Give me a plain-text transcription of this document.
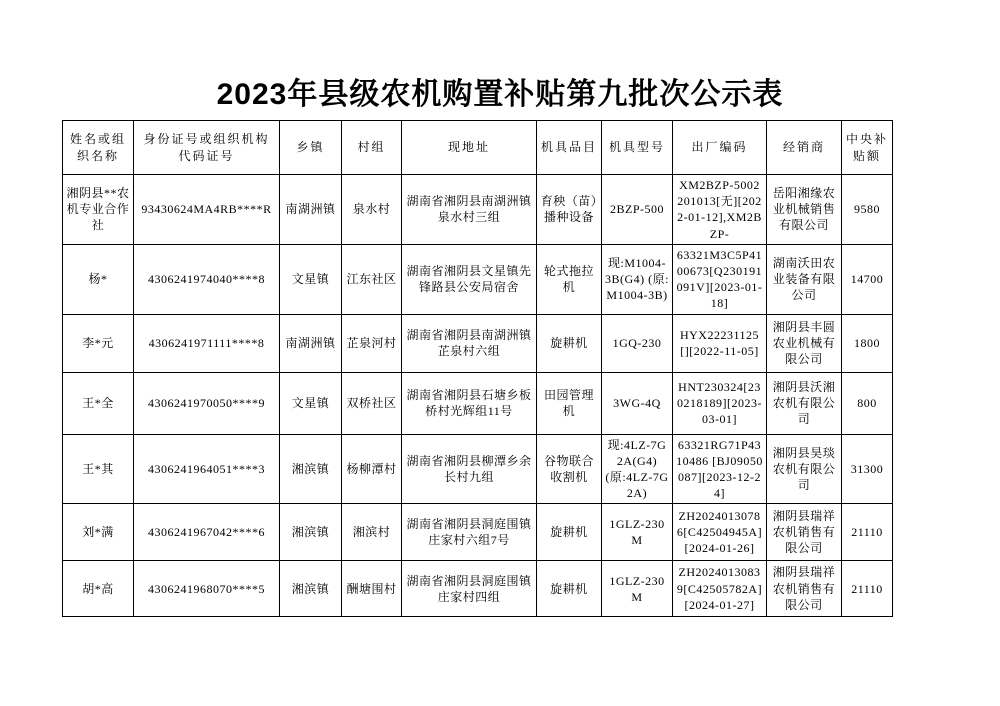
2023年县级农机购置补贴第九批次公示表
姓名或组织名称	身份证号或组织机构代码证号	乡镇	村组	现地址	机具品目	机具型号	出厂编码	经销商	中央补贴额
湘阴县**农机专业合作社	93430624MA4RB****R	南湖洲镇	泉水村	湖南省湘阴县南湖洲镇泉水村三组	育秧（苗）播种设备	2BZP-500	XM2BZP-5002201013[无][2022-01-12],XM2BZP-	岳阳湘缘农业机械销售有限公司	9580
杨*	4306241974040****8	文星镇	江东社区	湖南省湘阴县文星镇先锋路县公安局宿舍	轮式拖拉机	现:M1004-3B(G4) (原:M1004-3B)	63321M3C5P4100673[Q230191091V][2023-01-18]	湖南沃田农业装备有限公司	14700
李*元	4306241971111****8	南湖洲镇	芷泉河村	湖南省湘阴县南湖洲镇芷泉村六组	旋耕机	1GQ-230	HYX22231125[][2022-11-05]	湘阴县丰圆农业机械有限公司	1800
王*全	4306241970050****9	文星镇	双桥社区	湖南省湘阴县石塘乡板桥村光辉组11号	田园管理机	3WG-4Q	HNT230324[230218189][2023-03-01]	湘阴县沃湘农机有限公司	800
王*其	4306241964051****3	湘滨镇	杨柳潭村	湖南省湘阴县柳潭乡余长村九组	谷物联合收割机	现:4LZ-7G2A(G4) (原:4LZ-7G2A)	63321RG71P4310486 [BJ09050087][2023-12-24]	湘阴县昊琰农机有限公司	31300
刘*满	4306241967042****6	湘滨镇	湘滨村	湖南省湘阴县洞庭围镇庄家村六组7号	旋耕机	1GLZ-230M	ZH20240130786[C42504945A][2024-01-26]	湘阴县瑞祥农机销售有限公司	21110
胡*高	4306241968070****5	湘滨镇	酬塘围村	湖南省湘阴县洞庭围镇庄家村四组	旋耕机	1GLZ-230M	ZH20240130839[C42505782A][2024-01-27]	湘阴县瑞祥农机销售有限公司	21110
